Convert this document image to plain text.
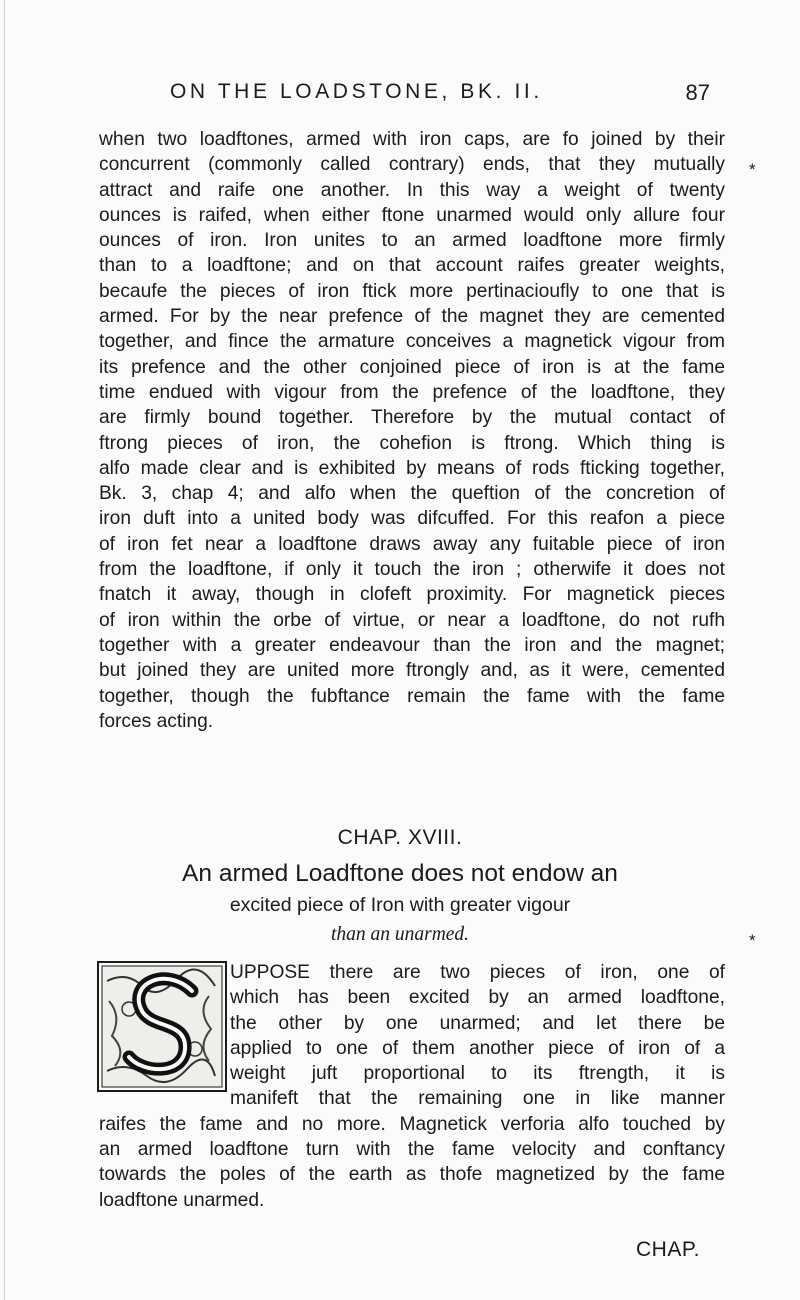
ON THE LOADSTONE, BK. II.	87
when two loadftones, armed with iron caps, are fo joined by their
concurrent (commonly called contrary) ends, that they mutually
attract and raife one another. In this way a weight of twenty
ounces is raifed, when either ftone unarmed would only allure four
ounces of iron. Iron unites to an armed loadftone more firmly
than to a loadftone; and on that account raifes greater weights,
becaufe the pieces of iron ftick more pertinacioufly to one that is
armed. For by the near prefence of the magnet they are cemented
together, and fince the armature conceives a magnetick vigour from
its prefence and the other conjoined piece of iron is at the fame
time endued with vigour from the prefence of the loadftone, they
are firmly bound together. Therefore by the mutual contact of
ftrong pieces of iron, the cohefion is ftrong. Which thing is
alfo made clear and is exhibited by means of rods fticking together,
Bk. 3, chap 4; and alfo when the queftion of the concretion of
iron duft into a united body was difcuffed. For this reafon a piece
of iron fet near a loadftone draws away any fuitable piece of iron
from the loadftone, if only it touch the iron ; otherwife it does not
fnatch it away, though in clofeft proximity. For magnetick pieces
of iron within the orbe of virtue, or near a loadftone, do not rufh
together with a greater endeavour than the iron and the magnet;
but joined they are united more ftrongly and, as it were, cemented
together, though the fubftance remain the fame with the fame
forces acting.
*
CHAP. XVIII.
An armed Loadftone does not endow an
excited piece of Iron with greater vigour
than an unarmed.
UPPOSE there are two pieces of iron, one of
which has been excited by an armed loadftone,
the other by one unarmed; and let there be
applied to one of them another piece of iron of a
weight juft proportional to its ftrength, it is
manifeft that the remaining one in like manner
raifes the fame and no more. Magnetick verforia alfo touched by
an armed loadftone turn with the fame velocity and conftancy
towards the poles of the earth as thofe magnetized by the fame
loadftone unarmed.
*
CHAP.
